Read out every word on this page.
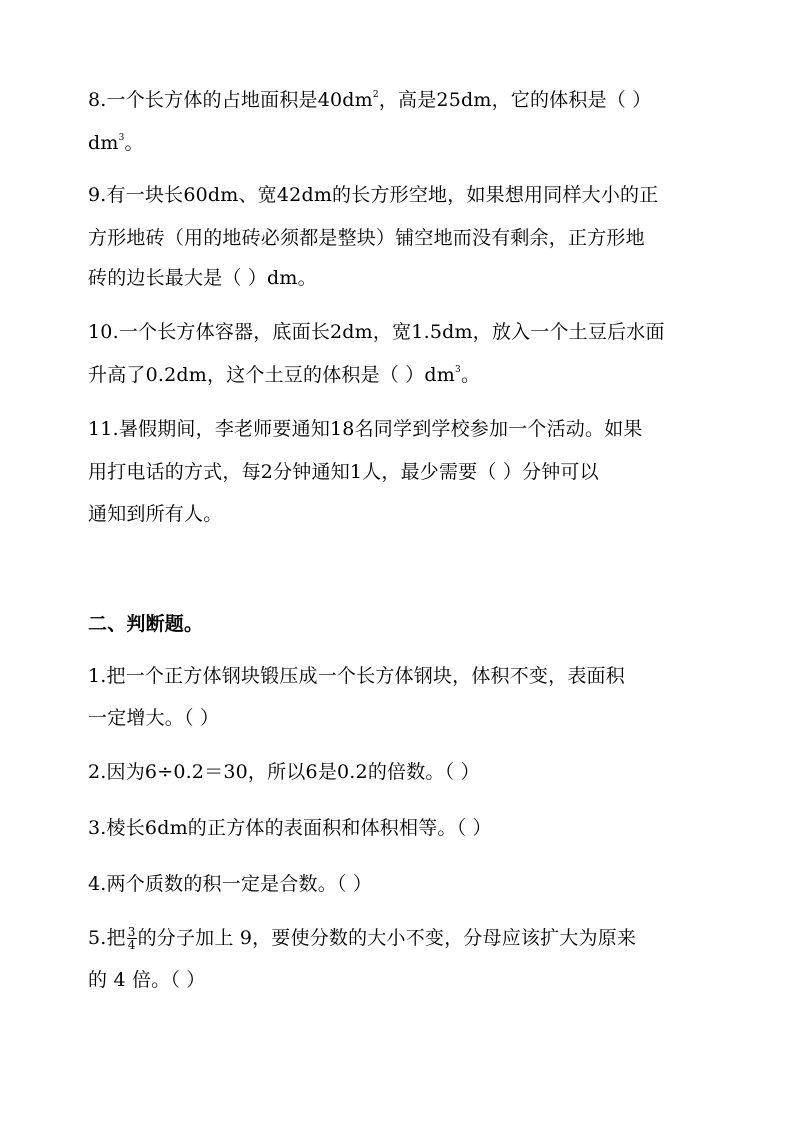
8.一个长方体的占地面积是$40dm^2$，高是25dm，它的体积是（ ）
$dm^3$。
9.有一块长60dm、宽42dm的长方形空地，如果想用同样大小的正
方形地砖（用的地砖必须都是整块）铺空地而没有剩余，正方形地
砖的边长最大是（ ）dm。
10.一个长方体容器，底面长2dm，宽1.5dm，放入一个土豆后水面
升高了0.2dm，这个土豆的体积是（ ）$dm^3$。
11.暑假期间，李老师要通知18名同学到学校参加一个活动。如果
用打电话的方式，每2分钟通知1人，最少需要（ ）分钟可以
通知到所有人。
二、判断题。
1.把一个正方体钢块锻压成一个长方体钢块，体积不变，表面积
一定增大。（ ）
2.因为6÷0.2＝30，所以6是0.2的倍数。（ ）
3.棱长6dm的正方体的表面积和体积相等。（ ）
4.两个质数的积一定是合数。（ ）
5.把 $\frac{3}{4}$ 的分子加上 9，要使分数的大小不变，分母应该扩大为原来
的 4 倍。（ ）
